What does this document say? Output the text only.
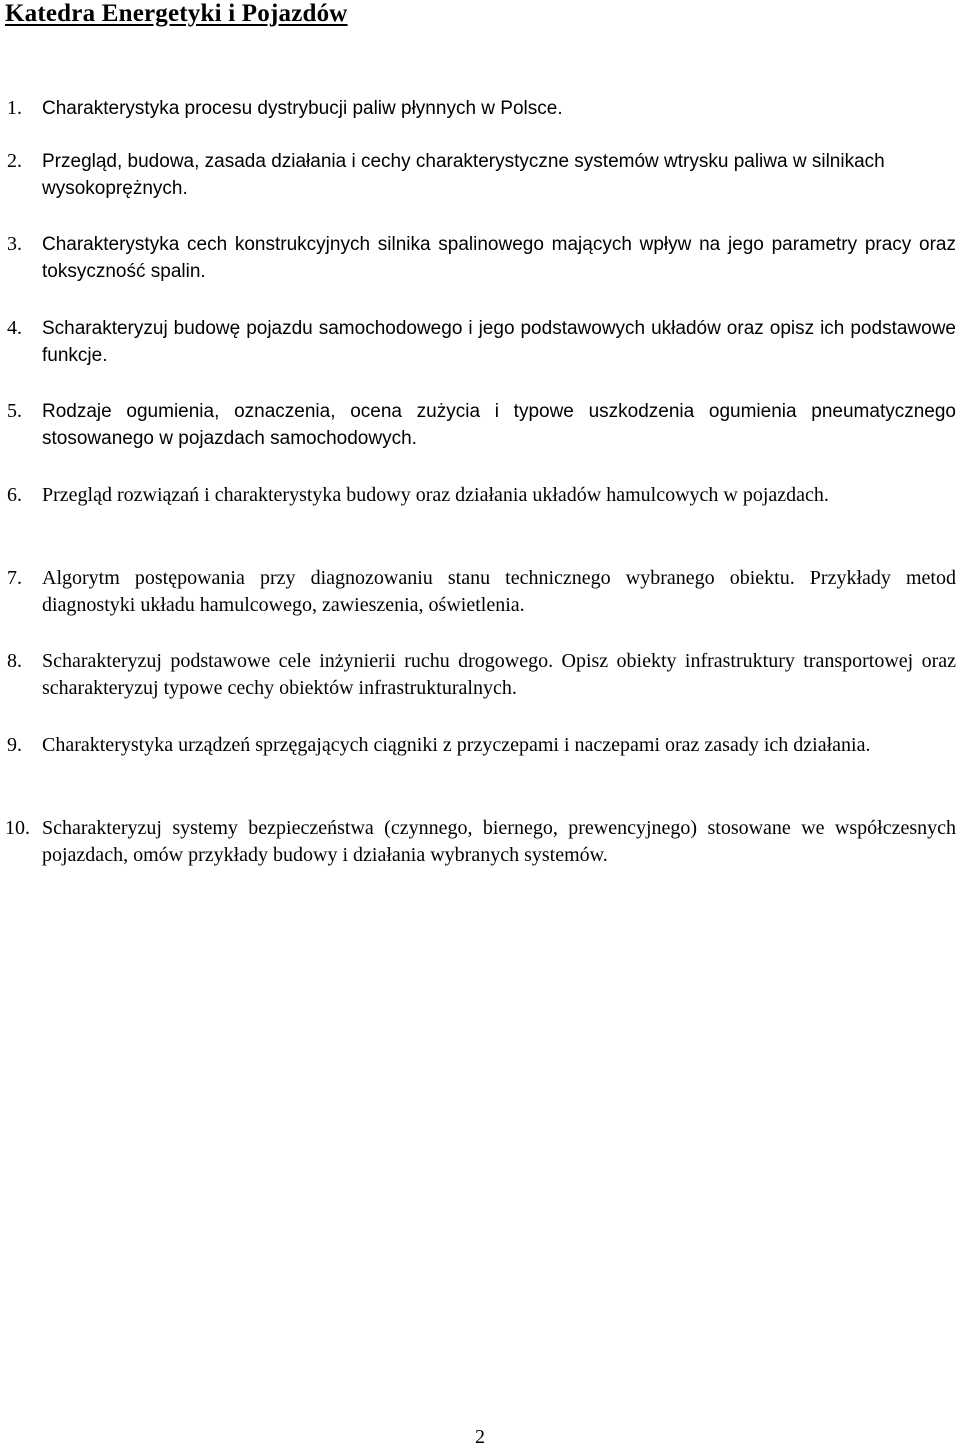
Katedra Energetyki i Pojazdów
1. Charakterystyka procesu dystrybucji paliw płynnych w Polsce.
2. Przegląd, budowa, zasada działania i cechy charakterystyczne systemów wtrysku paliwa w silnikach wysokoprężnych.
3. Charakterystyka cech konstrukcyjnych silnika spalinowego mających wpływ na jego parametry pracy oraz toksyczność spalin.
4. Scharakteryzuj budowę pojazdu samochodowego i jego podstawowych układów oraz opisz ich podstawowe funkcje.
5. Rodzaje ogumienia, oznaczenia, ocena zużycia i typowe uszkodzenia ogumienia pneumatycznego stosowanego w pojazdach samochodowych.
6. Przegląd rozwiązań i charakterystyka budowy oraz działania układów hamulcowych w pojazdach.
7. Algorytm postępowania przy diagnozowaniu stanu technicznego wybranego obiektu. Przykłady metod diagnostyki układu hamulcowego, zawieszenia, oświetlenia.
8. Scharakteryzuj podstawowe cele inżynierii ruchu drogowego. Opisz obiekty infrastruktury transportowej oraz scharakteryzuj typowe cechy obiektów infrastrukturalnych.
9. Charakterystyka urządzeń sprzęgających ciągniki z przyczepami i naczepami oraz zasady ich działania.
10. Scharakteryzuj systemy bezpieczeństwa (czynnego, biernego, prewencyjnego) stosowane we współczesnych pojazdach, omów przykłady budowy i działania wybranych systemów.
2
